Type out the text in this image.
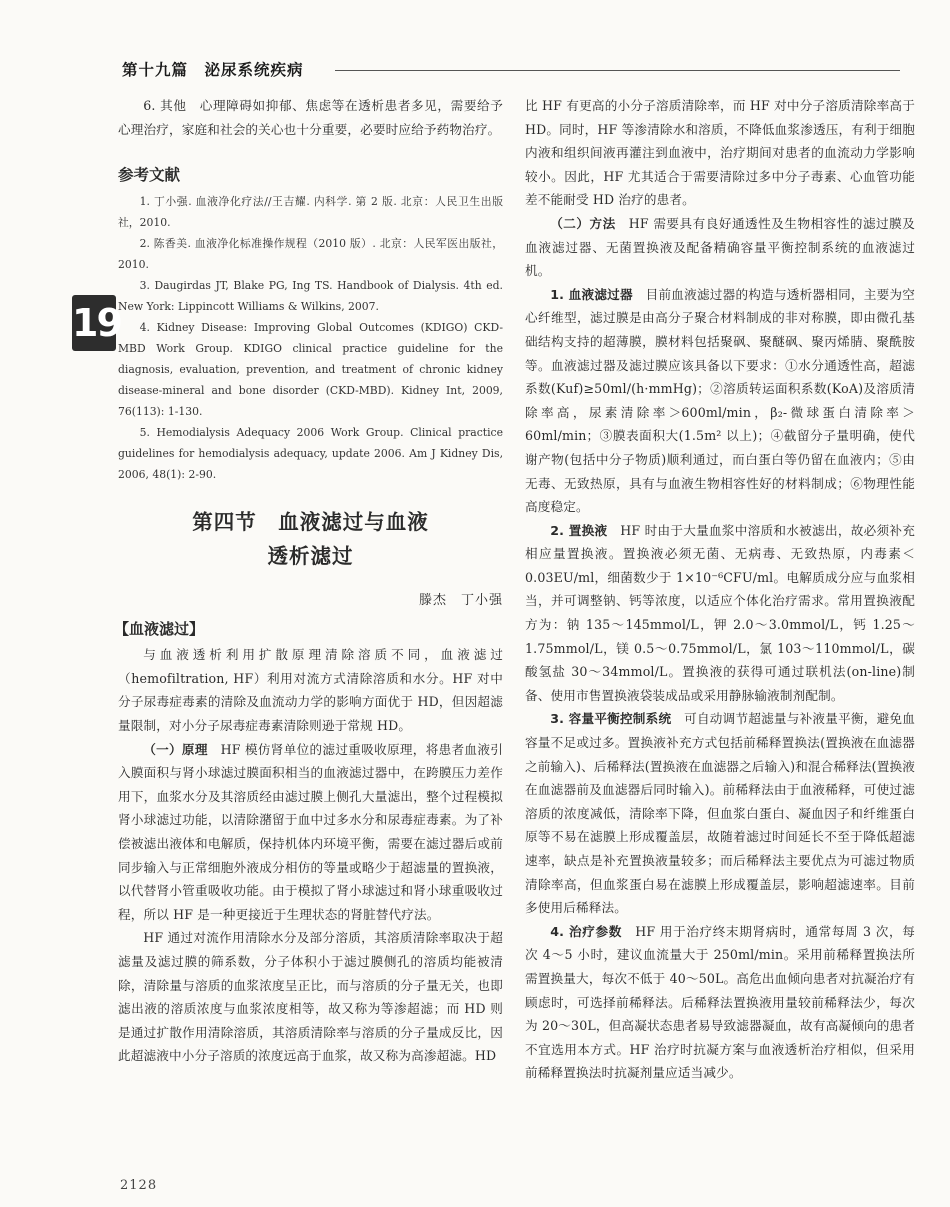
第十九篇　泌尿系统疾病
19

6. 其他　心理障碍如抑郁、焦虑等在透析患者多见，需要给予心理治疗，家庭和社会的关心也十分重要，必要时应给予药物治疗。

参考文献

1. 丁小强. 血液净化疗法//王吉耀. 内科学. 第 2 版. 北京：人民卫生出版社，2010.

2. 陈香美. 血液净化标准操作规程（2010 版）. 北京：人民军医出版社，2010.

3. Daugirdas JT, Blake PG, Ing TS. Handbook of Dialysis. 4th ed. New York: Lippincott Williams & Wilkins, 2007.

4. Kidney Disease: Improving Global Outcomes (KDIGO) CKD-MBD Work Group. KDIGO clinical practice guideline for the diagnosis, evaluation, prevention, and treatment of chronic kidney disease-mineral and bone disorder (CKD-MBD). Kidney Int, 2009, 76(113): 1-130.

5. Hemodialysis Adequacy 2006 Work Group. Clinical practice guidelines for hemodialysis adequacy, update 2006. Am J Kidney Dis, 2006, 48(1): 2-90.

第四节　血液滤过与血液
透析滤过
滕杰　丁小强
【血液滤过】

与血液透析利用扩散原理清除溶质不同，血液滤过（hemofiltration, HF）利用对流方式清除溶质和水分。HF 对中分子尿毒症毒素的清除及血流动力学的影响方面优于 HD，但因超滤量限制，对小分子尿毒症毒素清除则逊于常规 HD。

（一）原理　HF 模仿肾单位的滤过重吸收原理，将患者血液引入膜面积与肾小球滤过膜面积相当的血液滤过器中，在跨膜压力差作用下，血浆水分及其溶质经由滤过膜上侧孔大量滤出，整个过程模拟肾小球滤过功能，以清除潴留于血中过多水分和尿毒症毒素。为了补偿被滤出液体和电解质，保持机体内环境平衡，需要在滤过器后或前同步输入与正常细胞外液成分相仿的等量或略少于超滤量的置换液，以代替肾小管重吸收功能。由于模拟了肾小球滤过和肾小球重吸收过程，所以 HF 是一种更接近于生理状态的肾脏替代疗法。

HF 通过对流作用清除水分及部分溶质，其溶质清除率取决于超滤量及滤过膜的筛系数，分子体积小于滤过膜侧孔的溶质均能被清除，清除量与溶质的血浆浓度呈正比，而与溶质的分子量无关，也即滤出液的溶质浓度与血浆浓度相等，故又称为等渗超滤；而 HD 则是通过扩散作用清除溶质，其溶质清除率与溶质的分子量成反比，因此超滤液中小分子溶质的浓度远高于血浆，故又称为高渗超滤。HD

比 HF 有更高的小分子溶质清除率，而 HF 对中分子溶质清除率高于 HD。同时，HF 等渗清除水和溶质，不降低血浆渗透压，有利于细胞内液和组织间液再灌注到血液中，治疗期间对患者的血流动力学影响较小。因此，HF 尤其适合于需要清除过多中分子毒素、心血管功能差不能耐受 HD 治疗的患者。

（二）方法　HF 需要具有良好通透性及生物相容性的滤过膜及血液滤过器、无菌置换液及配备精确容量平衡控制系统的血液滤过机。

1. 血液滤过器　目前血液滤过器的构造与透析器相同，主要为空心纤维型，滤过膜是由高分子聚合材料制成的非对称膜，即由微孔基础结构支持的超薄膜，膜材料包括聚砜、聚醚砜、聚丙烯腈、聚酰胺等。血液滤过器及滤过膜应该具备以下要求：①水分通透性高，超滤系数(Kuf)≥50ml/(h·mmHg)；②溶质转运面积系数(KoA)及溶质清除率高，尿素清除率＞600ml/min，β₂-微球蛋白清除率＞60ml/min；③膜表面积大(1.5m² 以上)；④截留分子量明确，使代谢产物(包括中分子物质)顺利通过，而白蛋白等仍留在血液内；⑤由无毒、无致热原，具有与血液生物相容性好的材料制成；⑥物理性能高度稳定。

2. 置换液　HF 时由于大量血浆中溶质和水被滤出，故必须补充相应量置换液。置换液必须无菌、无病毒、无致热原，内毒素＜0.03EU/ml，细菌数少于 1×10⁻⁶CFU/ml。电解质成分应与血浆相当，并可调整钠、钙等浓度，以适应个体化治疗需求。常用置换液配方为：钠 135～145mmol/L，钾 2.0～3.0mmol/L，钙 1.25～1.75mmol/L，镁 0.5～0.75mmol/L，氯 103～110mmol/L，碳酸氢盐 30～34mmol/L。置换液的获得可通过联机法(on-line)制备、使用市售置换液袋装成品或采用静脉输液制剂配制。

3. 容量平衡控制系统　可自动调节超滤量与补液量平衡，避免血容量不足或过多。置换液补充方式包括前稀释置换法(置换液在血滤器之前输入)、后稀释法(置换液在血滤器之后输入)和混合稀释法(置换液在血滤器前及血滤器后同时输入)。前稀释法由于血液稀释，可使过滤溶质的浓度减低，清除率下降，但血浆白蛋白、凝血因子和纤维蛋白原等不易在滤膜上形成覆盖层，故随着滤过时间延长不至于降低超滤速率，缺点是补充置换液量较多；而后稀释法主要优点为可滤过物质清除率高，但血浆蛋白易在滤膜上形成覆盖层，影响超滤速率。目前多使用后稀释法。

4. 治疗参数　HF 用于治疗终末期肾病时，通常每周 3 次，每次 4～5 小时，建议血流量大于 250ml/min。采用前稀释置换法所需置换量大，每次不低于 40～50L。高危出血倾向患者对抗凝治疗有顾虑时，可选择前稀释法。后稀释法置换液用量较前稀释法少，每次为 20～30L，但高凝状态患者易导致滤器凝血，故有高凝倾向的患者不宜选用本方式。HF 治疗时抗凝方案与血液透析治疗相似，但采用前稀释置换法时抗凝剂量应适当减少。

2128
